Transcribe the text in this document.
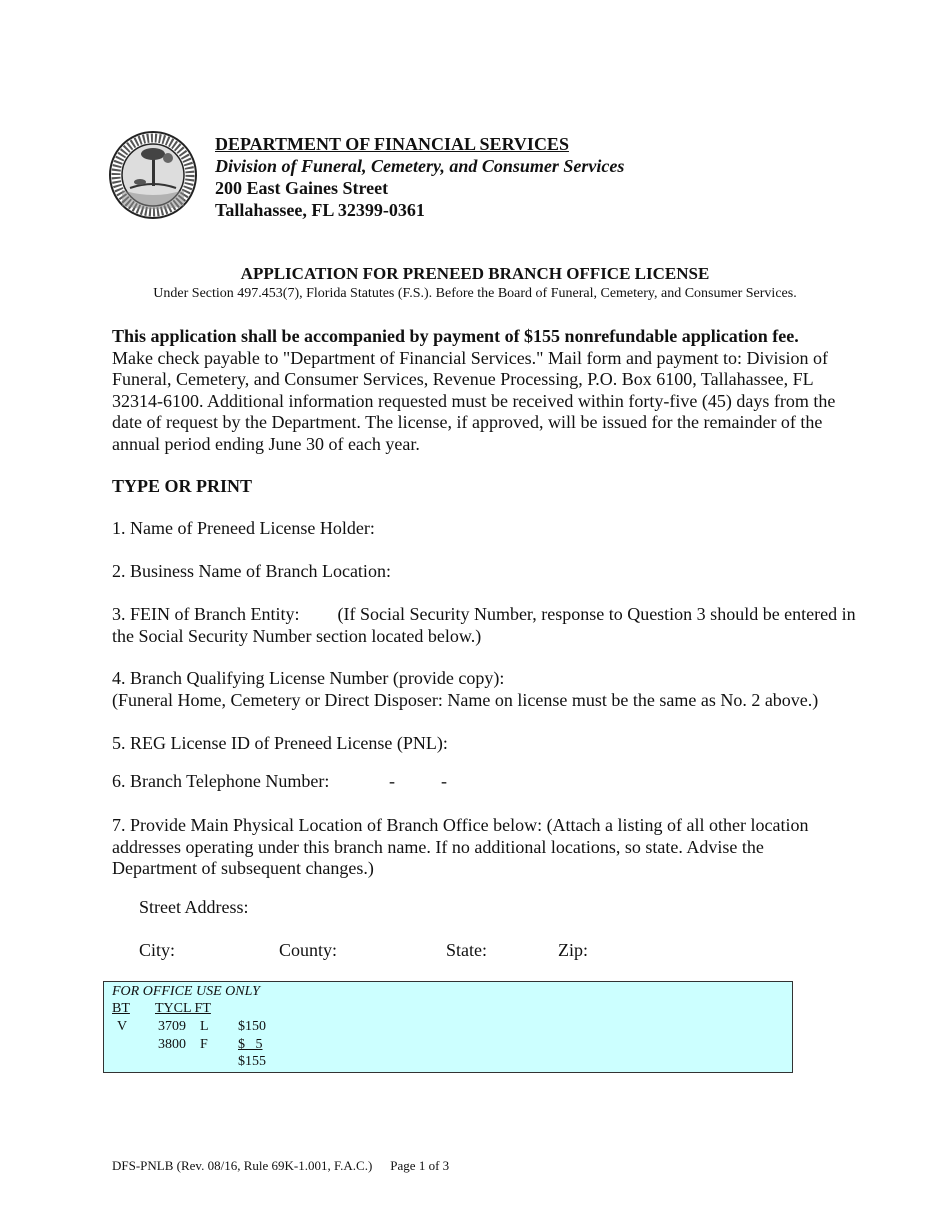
DEPARTMENT OF FINANCIAL SERVICES
Division of Funeral, Cemetery, and Consumer Services
200 East Gaines Street
Tallahassee, FL 32399-0361
APPLICATION FOR PRENEED BRANCH OFFICE LICENSE
Under Section 497.453(7), Florida Statutes (F.S.). Before the Board of Funeral, Cemetery, and Consumer Services.
This application shall be accompanied by payment of $155 nonrefundable application fee.
Make check payable to "Department of Financial Services." Mail form and payment to: Division of Funeral, Cemetery, and Consumer Services, Revenue Processing, P.O. Box 6100, Tallahassee, FL 32314-6100. Additional information requested must be received within forty-five (45) days from the date of request by the Department. The license, if approved, will be issued for the remainder of the annual period ending June 30 of each year.
TYPE OR PRINT
1. Name of Preneed License Holder:
2. Business Name of Branch Location:
3. FEIN of Branch Entity: (If Social Security Number, response to Question 3 should be entered in the Social Security Number section located below.)
4. Branch Qualifying License Number (provide copy):
(Funeral Home, Cemetery or Direct Disposer: Name on license must be the same as No. 2 above.)
5. REG License ID of Preneed License (PNL):
6. Branch Telephone Number:	-	-
7. Provide Main Physical Location of Branch Office below: (Attach a listing of all other location addresses operating under this branch name. If no additional locations, so state. Advise the Department of subsequent changes.)
Street Address:
City:	County:	State:	Zip:
FOR OFFICE USE ONLY
BT TYCL FT
V 3709 L $150
3800 F $   5
$155
DFS-PNLB (Rev. 08/16, Rule 69K-1.001, F.A.C.) Page 1 of 3
